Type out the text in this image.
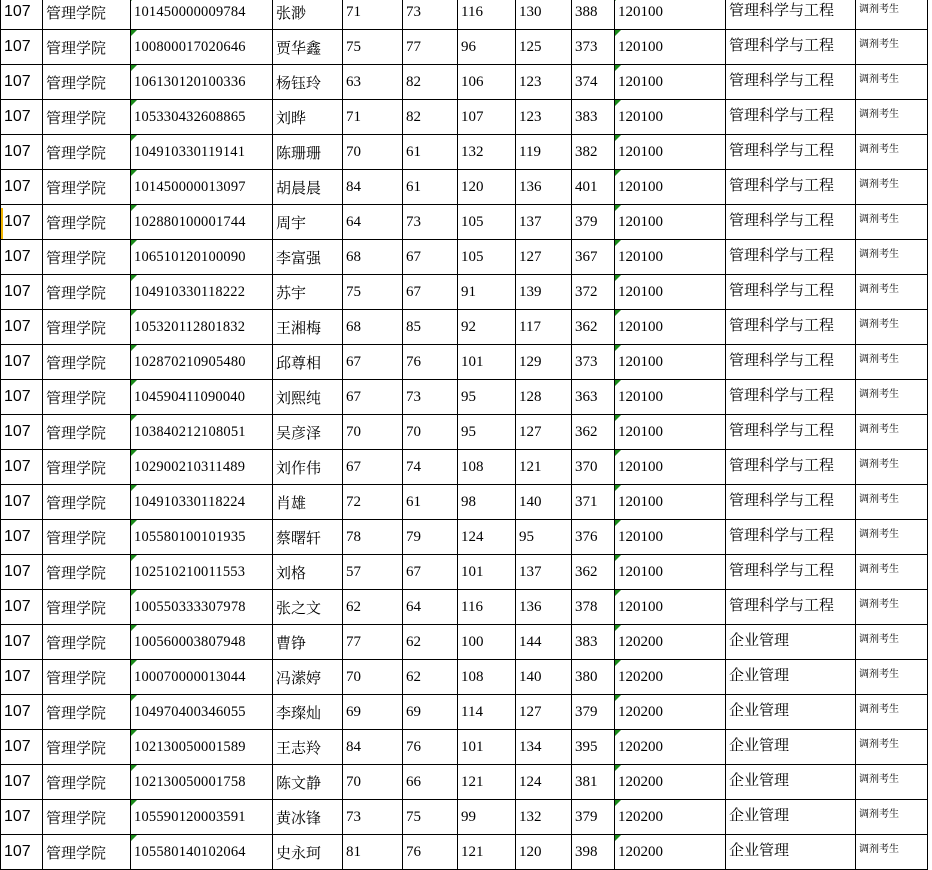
107	管理学院	101450000009784	张渺	71	73	116	130	388	120100	管理科学与工程	调剂考生
107	管理学院	100800017020646	贾华鑫	75	77	96	125	373	120100	管理科学与工程	调剂考生
107	管理学院	106130120100336	杨钰玲	63	82	106	123	374	120100	管理科学与工程	调剂考生
107	管理学院	105330432608865	刘晔	71	82	107	123	383	120100	管理科学与工程	调剂考生
107	管理学院	104910330119141	陈珊珊	70	61	132	119	382	120100	管理科学与工程	调剂考生
107	管理学院	101450000013097	胡晨晨	84	61	120	136	401	120100	管理科学与工程	调剂考生
107	管理学院	102880100001744	周宇	64	73	105	137	379	120100	管理科学与工程	调剂考生
107	管理学院	106510120100090	李富强	68	67	105	127	367	120100	管理科学与工程	调剂考生
107	管理学院	104910330118222	苏宇	75	67	91	139	372	120100	管理科学与工程	调剂考生
107	管理学院	105320112801832	王湘梅	68	85	92	117	362	120100	管理科学与工程	调剂考生
107	管理学院	102870210905480	邱尊相	67	76	101	129	373	120100	管理科学与工程	调剂考生
107	管理学院	104590411090040	刘熙纯	67	73	95	128	363	120100	管理科学与工程	调剂考生
107	管理学院	103840212108051	吴彦泽	70	70	95	127	362	120100	管理科学与工程	调剂考生
107	管理学院	102900210311489	刘作伟	67	74	108	121	370	120100	管理科学与工程	调剂考生
107	管理学院	104910330118224	肖雄	72	61	98	140	371	120100	管理科学与工程	调剂考生
107	管理学院	105580100101935	蔡曙轩	78	79	124	95	376	120100	管理科学与工程	调剂考生
107	管理学院	102510210011553	刘格	57	67	101	137	362	120100	管理科学与工程	调剂考生
107	管理学院	100550333307978	张之文	62	64	116	136	378	120100	管理科学与工程	调剂考生
107	管理学院	100560003807948	曹铮	77	62	100	144	383	120200	企业管理	调剂考生
107	管理学院	100070000013044	冯潆婷	70	62	108	140	380	120200	企业管理	调剂考生
107	管理学院	104970400346055	李璨灿	69	69	114	127	379	120200	企业管理	调剂考生
107	管理学院	102130050001589	王志羚	84	76	101	134	395	120200	企业管理	调剂考生
107	管理学院	102130050001758	陈文静	70	66	121	124	381	120200	企业管理	调剂考生
107	管理学院	105590120003591	黄冰锋	73	75	99	132	379	120200	企业管理	调剂考生
107	管理学院	105580140102064	史永珂	81	76	121	120	398	120200	企业管理	调剂考生
